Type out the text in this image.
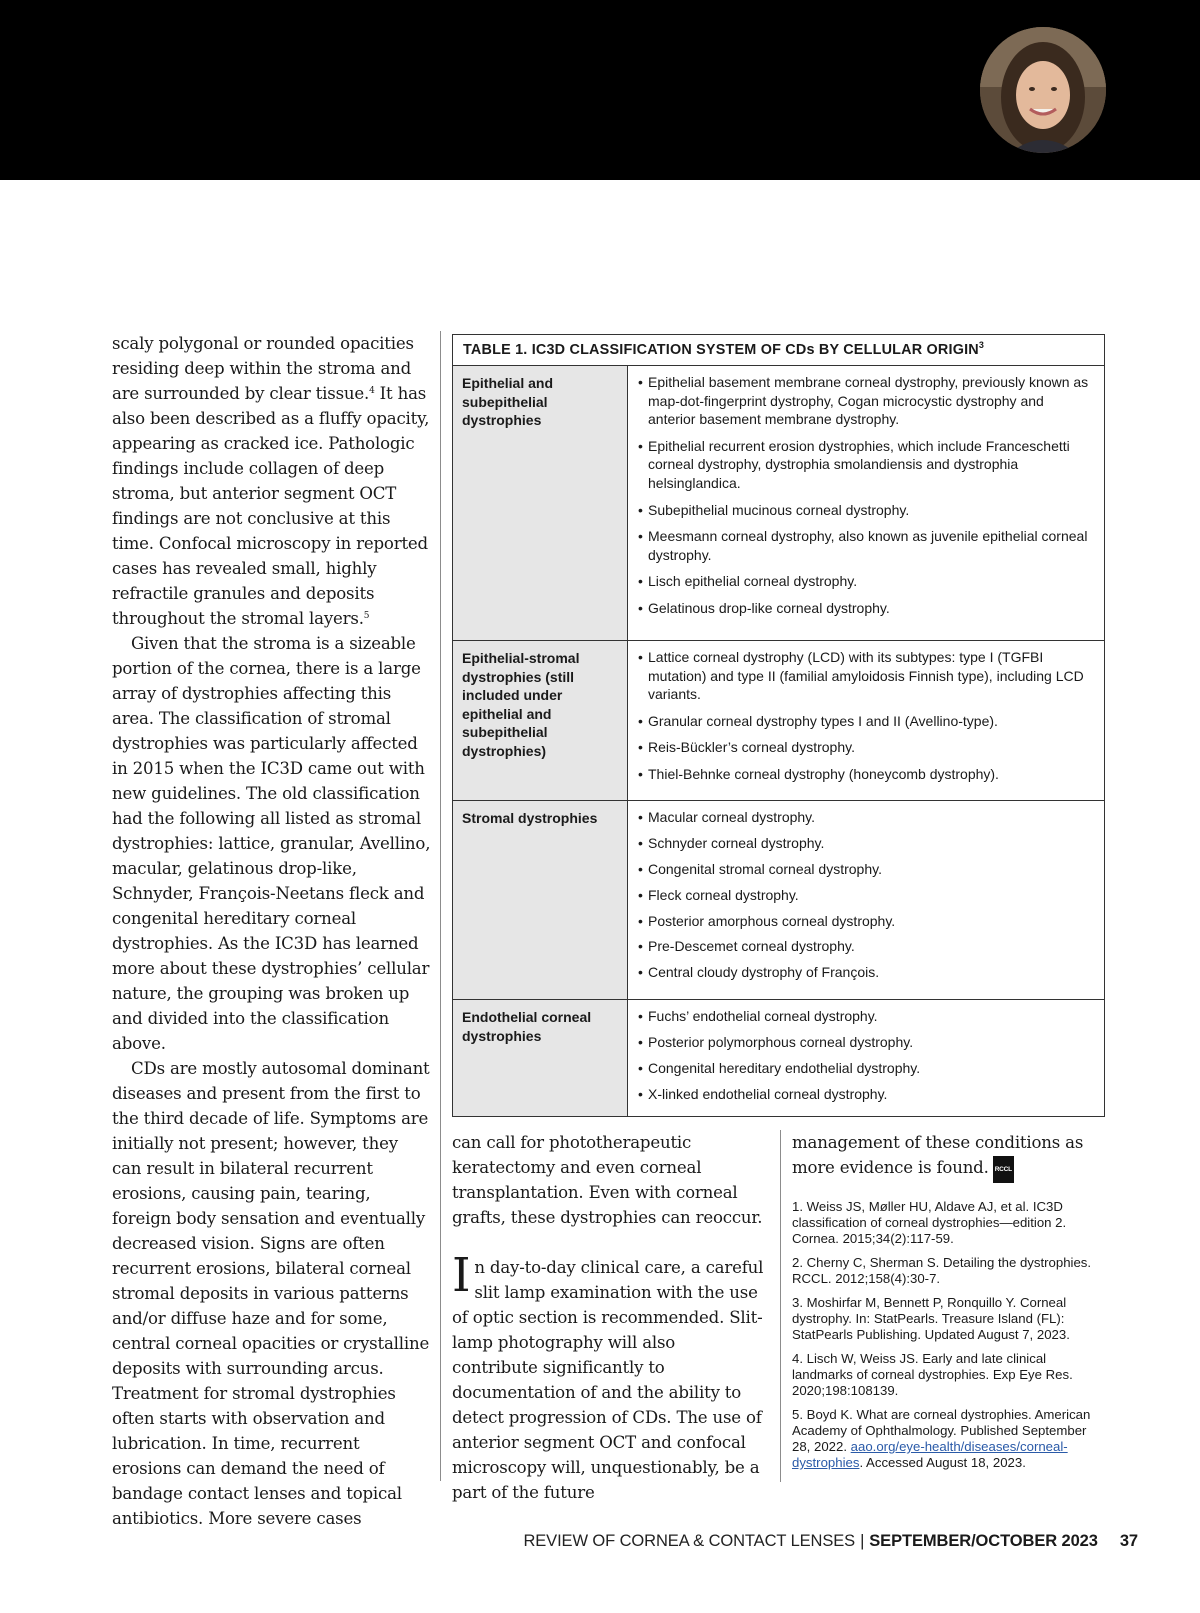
scaly polygonal or rounded opacities residing deep within the stroma and are surrounded by clear tissue.$^4$ It has also been described as a fluffy opacity, appearing as cracked ice. Pathologic findings include collagen of deep stroma, but anterior segment OCT findings are not conclusive at this time. Confocal microscopy in reported cases has revealed small, highly refractile granules and deposits throughout the stromal layers.$^5$

Given that the stroma is a sizeable portion of the cornea, there is a large array of dystrophies affecting this area. The classification of stromal dystrophies was particularly affected in 2015 when the IC3D came out with new guidelines. The old classification had the following all listed as stromal dystrophies: lattice, granular, Avellino, macular, gelatinous drop-like, Schnyder, François-Neetans fleck and congenital hereditary corneal dystrophies. As the IC3D has learned more about these dystrophies’ cellular nature, the grouping was broken up and divided into the classification above.

CDs are mostly autosomal dominant diseases and present from the first to the third decade of life. Symptoms are initially not present; however, they can result in bilateral recurrent erosions, causing pain, tearing, foreign body sensation and eventually decreased vision. Signs are often recurrent erosions, bilateral corneal stromal deposits in various patterns and/or diffuse haze and for some, central corneal opacities or crystalline deposits with surrounding arcus. Treatment for stromal dystrophies often starts with observation and lubrication. In time, recurrent erosions can demand the need of bandage contact lenses and topical antibiotics. More severe cases

TABLE 1. IC3D CLASSIFICATION SYSTEM OF CDs BY CELLULAR ORIGIN$^3$
Epithelial and subepithelial dystrophies
• Epithelial basement membrane corneal dystrophy, previously known as map-dot-fingerprint dystrophy, Cogan microcystic dystrophy and anterior basement membrane dystrophy.
• Epithelial recurrent erosion dystrophies, which include Franceschetti corneal dystrophy, dystrophia smolandiensis and dystrophia helsinglandica.
• Subepithelial mucinous corneal dystrophy.
• Meesmann corneal dystrophy, also known as juvenile epithelial corneal dystrophy.
• Lisch epithelial corneal dystrophy.
• Gelatinous drop-like corneal dystrophy.
Epithelial-stromal dystrophies (still included under epithelial and subepithelial dystrophies)
• Lattice corneal dystrophy (LCD) with its subtypes: type I (TGFBI mutation) and type II (familial amyloidosis Finnish type), including LCD variants.
• Granular corneal dystrophy types I and II (Avellino-type).
• Reis-Bückler’s corneal dystrophy.
• Thiel-Behnke corneal dystrophy (honeycomb dystrophy).
Stromal dystrophies
•	Macular corneal dystrophy.
• Schnyder corneal dystrophy.
• Congenital stromal corneal dystrophy.
• Fleck corneal dystrophy.
• Posterior amorphous corneal dystrophy.
• Pre-Descemet corneal dystrophy.
• Central cloudy dystrophy of François.
Endothelial corneal dystrophies
• Fuchs’ endothelial corneal dystrophy.
• Posterior polymorphous corneal dystrophy.
• Congenital hereditary endothelial dystrophy.
• X-linked endothelial corneal dystrophy.

can call for phototherapeutic keratectomy and even corneal transplantation. Even with corneal grafts, these dystrophies can reoccur.

In day-to-day clinical care, a careful slit lamp examination with the use of optic section is recommended. Slit-lamp photography will also contribute significantly to documentation of and the ability to detect progression of CDs. The use of anterior segment OCT and confocal microscopy will, unquestionably, be a part of the future

management of these conditions as more evidence is found. RCCL
1. Weiss JS, Møller HU, Aldave AJ, et al. IC3D classification of corneal dystrophies—edition 2. Cornea. 2015;34(2):117-59.
2. Cherny C, Sherman S. Detailing the dystrophies. RCCL. 2012;158(4):30-7.
3. Moshirfar M, Bennett P, Ronquillo Y. Corneal dystrophy. In: StatPearls. Treasure Island (FL): StatPearls Publishing. Updated August 7, 2023.
4. Lisch W, Weiss JS. Early and late clinical landmarks of corneal dystrophies. Exp Eye Res. 2020;198:108139.
5. Boyd K. What are corneal dystrophies. American Academy of Ophthalmology. Published September 28, 2022. aao.org/eye-health/diseases/corneal-dystrophies. Accessed August 18, 2023.
REVIEW OF CORNEA & CONTACT LENSES | SEPTEMBER/OCTOBER 2023 37
